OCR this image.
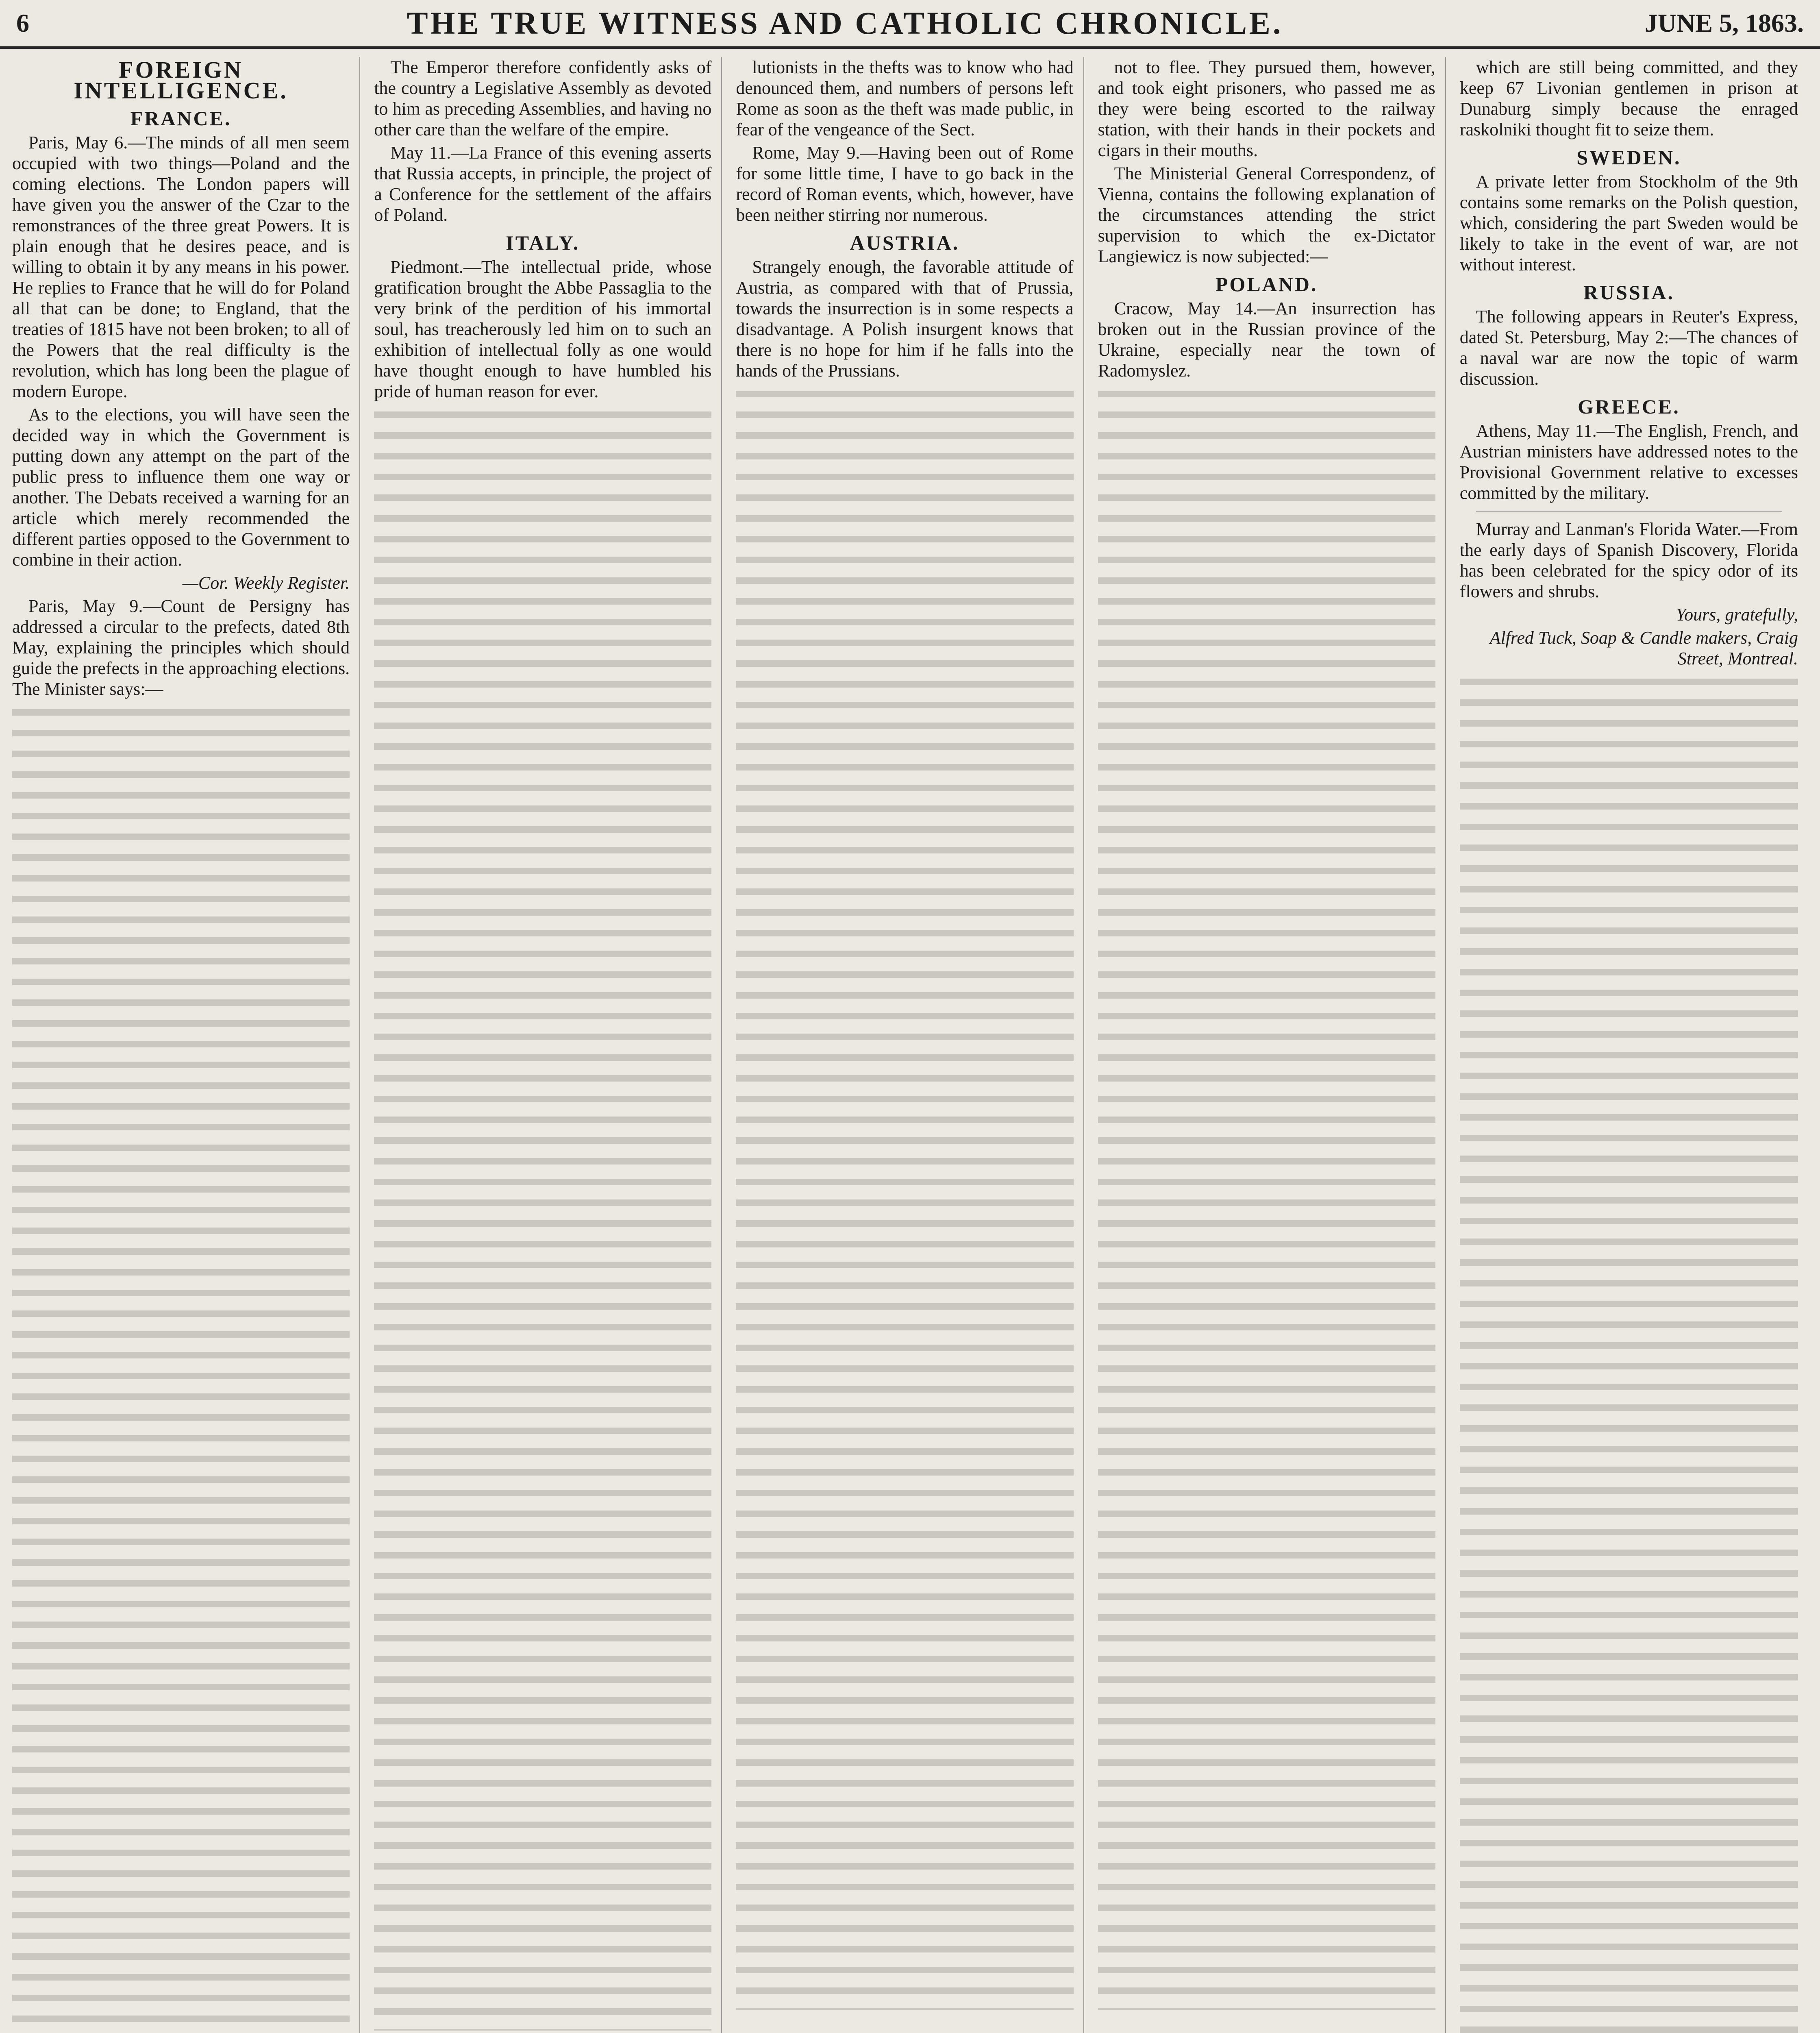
6	THE TRUE WITNESS AND CATHOLIC CHRONICLE.	JUNE 5, 1863.
FOREIGN INTELLIGENCE.
FRANCE.

Paris, May 6.—The minds of all men seem occupied with two things—Poland and the coming elections. The London papers will have given you the answer of the Czar to the remonstrances of the three great Powers. It is plain enough that he desires peace, and is willing to obtain it by any means in his power. He replies to France that he will do for Poland all that can be done; to England, that the treaties of 1815 have not been broken; to all of the Powers that the real difficulty is the revolution, which has long been the plague of modern Europe.

As to the elections, you will have seen the decided way in which the Government is putting down any attempt on the part of the public press to influence them one way or another. The Debats received a warning for an article which merely recommended the different parties opposed to the Government to combine in their action.

—Cor. Weekly Register.

Paris, May 9.—Count de Persigny has addressed a circular to the prefects, dated 8th May, explaining the principles which should guide the prefects in the approaching elections. The Minister says:—

The Emperor therefore confidently asks of the country a Legislative Assembly as devoted to him as preceding Assemblies, and having no other care than the welfare of the empire.

May 11.—La France of this evening asserts that Russia accepts, in principle, the project of a Conference for the settlement of the affairs of Poland.

ITALY.

Piedmont.—The intellectual pride, whose gratification brought the Abbe Passaglia to the very brink of the perdition of his immortal soul, has treacherously led him on to such an exhibition of intellectual folly as one would have thought enough to have humbled his pride of human reason for ever.

lutionists in the thefts was to know who had denounced them, and numbers of persons left Rome as soon as the theft was made public, in fear of the vengeance of the Sect.

Rome, May 9.—Having been out of Rome for some little time, I have to go back in the record of Roman events, which, however, have been neither stirring nor numerous.

AUSTRIA.

Strangely enough, the favorable attitude of Austria, as compared with that of Prussia, towards the insurrection is in some respects a disadvantage. A Polish insurgent knows that there is no hope for him if he falls into the hands of the Prussians.

not to flee. They pursued them, however, and took eight prisoners, who passed me as they were being escorted to the railway station, with their hands in their pockets and cigars in their mouths.

The Ministerial General Correspondenz, of Vienna, contains the following explanation of the circumstances attending the strict supervision to which the ex-Dictator Langiewicz is now subjected:—

POLAND.

Cracow, May 14.—An insurrection has broken out in the Russian province of the Ukraine, especially near the town of Radomyslez.

which are still being committed, and they keep 67 Livonian gentlemen in prison at Dunaburg simply because the enraged raskolniki thought fit to seize them.

SWEDEN.

A private letter from Stockholm of the 9th contains some remarks on the Polish question, which, considering the part Sweden would be likely to take in the event of war, are not without interest.

RUSSIA.

The following appears in Reuter's Express, dated St. Petersburg, May 2:—The chances of a naval war are now the topic of warm discussion.

GREECE.

Athens, May 11.—The English, French, and Austrian ministers have addressed notes to the Provisional Government relative to excesses committed by the military.

Murray and Lanman's Florida Water.—From the early days of Spanish Discovery, Florida has been celebrated for the spicy odor of its flowers and shrubs.

Yours, gratefully,

Alfred Tuck, Soap & Candle makers, Craig Street, Montreal.
